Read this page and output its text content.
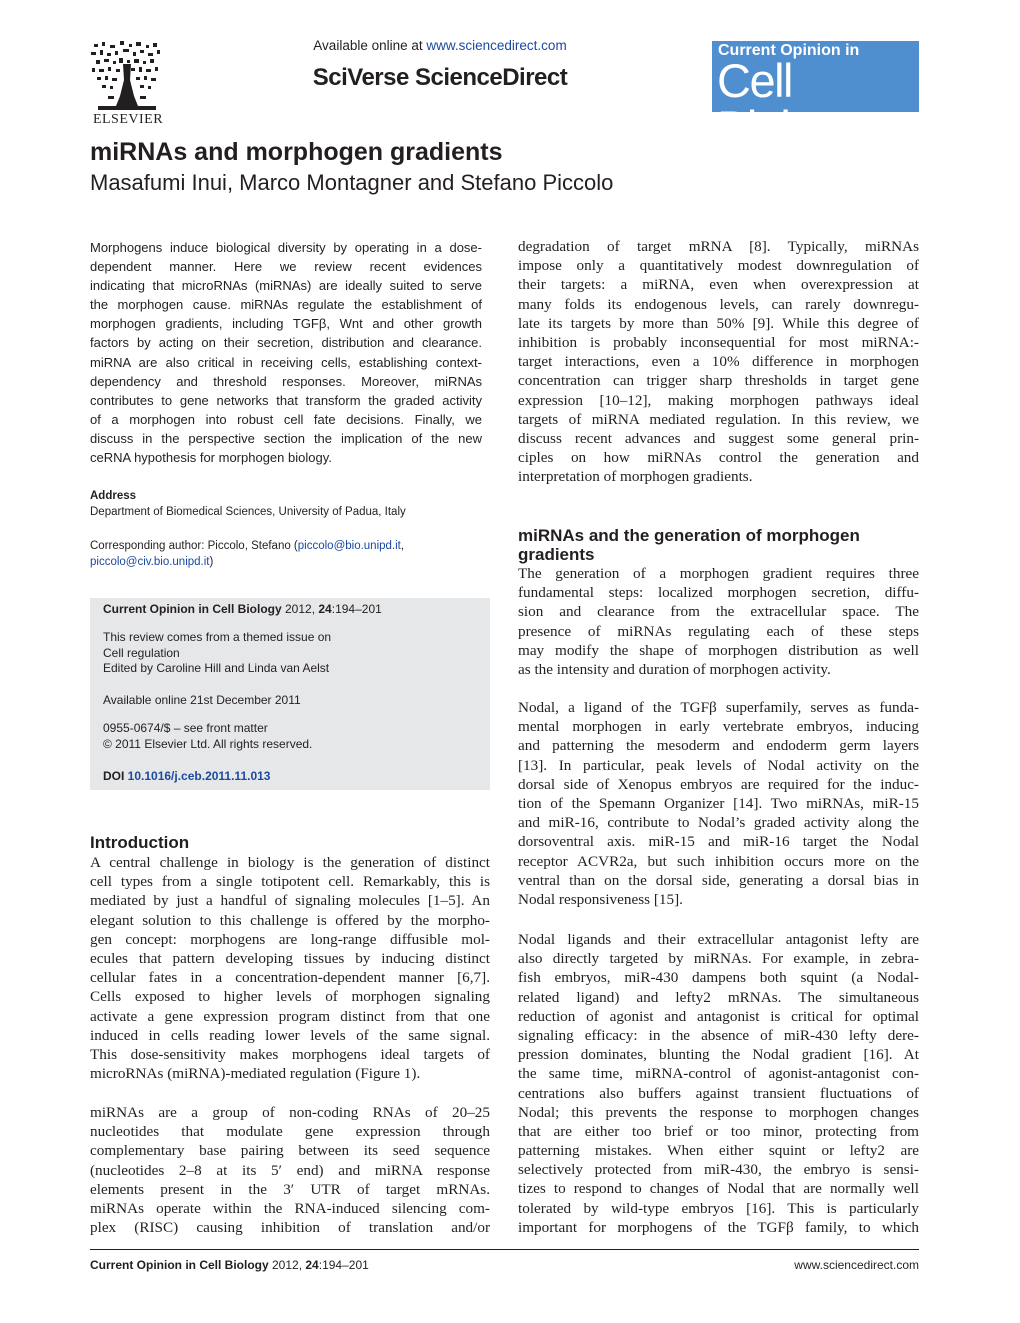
ELSEVIER
Available online at www.sciencedirect.com
SciVerse ScienceDirect
Current Opinion in
Cell Biology
miRNAs and morphogen gradients
Masafumi Inui, Marco Montagner and Stefano Piccolo
Morphogens induce biological diversity by operating in a dose-
dependent manner. Here we review recent evidences
indicating that microRNAs (miRNAs) are ideally suited to serve
the morphogen cause. miRNAs regulate the establishment of
morphogen gradients, including TGFβ, Wnt and other growth
factors by acting on their secretion, distribution and clearance.
miRNA are also critical in receiving cells, establishing context-
dependency and threshold responses. Moreover, miRNAs
contributes to gene networks that transform the graded activity
of a morphogen into robust cell fate decisions. Finally, we
discuss in the perspective section the implication of the new
ceRNA hypothesis for morphogen biology.
Address
Department of Biomedical Sciences, University of Padua, Italy
Corresponding author: Piccolo, Stefano (piccolo@bio.unipd.it,
piccolo@civ.bio.unipd.it)
Current Opinion in Cell Biology 2012, 24:194–201
This review comes from a themed issue on
Cell regulation
Edited by Caroline Hill and Linda van Aelst
Available online 21st December 2011
0955-0674/$ – see front matter
© 2011 Elsevier Ltd. All rights reserved.
DOI 10.1016/j.ceb.2011.11.013
Introduction
A central challenge in biology is the generation of distinct
cell types from a single totipotent cell. Remarkably, this is
mediated by just a handful of signaling molecules [1–5]. An
elegant solution to this challenge is offered by the morpho-
gen concept: morphogens are long-range diffusible mol-
ecules that pattern developing tissues by inducing distinct
cellular fates in a concentration-dependent manner [6,7].
Cells exposed to higher levels of morphogen signaling
activate a gene expression program distinct from that one
induced in cells reading lower levels of the same signal.
This dose-sensitivity makes morphogens ideal targets of
microRNAs (miRNA)-mediated regulation (Figure 1).
miRNAs are a group of non-coding RNAs of 20–25
nucleotides that modulate gene expression through
complementary base pairing between its seed sequence
(nucleotides 2–8 at its 5′ end) and miRNA response
elements present in the 3′ UTR of target mRNAs.
miRNAs operate within the RNA-induced silencing com-
plex (RISC) causing inhibition of translation and/or
degradation of target mRNA [8]. Typically, miRNAs
impose only a quantitatively modest downregulation of
their targets: a miRNA, even when overexpression at
many folds its endogenous levels, can rarely downregu-
late its targets by more than 50% [9]. While this degree of
inhibition is probably inconsequential for most miRNA:-
target interactions, even a 10% difference in morphogen
concentration can trigger sharp thresholds in target gene
expression [10–12], making morphogen pathways ideal
targets of miRNA mediated regulation. In this review, we
discuss recent advances and suggest some general prin-
ciples on how miRNAs control the generation and
interpretation of morphogen gradients.
miRNAs and the generation of morphogen
gradients
The generation of a morphogen gradient requires three
fundamental steps: localized morphogen secretion, diffu-
sion and clearance from the extracellular space. The
presence of miRNAs regulating each of these steps
may modify the shape of morphogen distribution as well
as the intensity and duration of morphogen activity.
Nodal, a ligand of the TGFβ superfamily, serves as funda-
mental morphogen in early vertebrate embryos, inducing
and patterning the mesoderm and endoderm germ layers
[13]. In particular, peak levels of Nodal activity on the
dorsal side of Xenopus embryos are required for the induc-
tion of the Spemann Organizer [14]. Two miRNAs, miR-15
and miR-16, contribute to Nodal’s graded activity along the
dorsoventral axis. miR-15 and miR-16 target the Nodal
receptor ACVR2a, but such inhibition occurs more on the
ventral than on the dorsal side, generating a dorsal bias in
Nodal responsiveness [15].
Nodal ligands and their extracellular antagonist lefty are
also directly targeted by miRNAs. For example, in zebra-
fish embryos, miR-430 dampens both squint (a Nodal-
related ligand) and lefty2 mRNAs. The simultaneous
reduction of agonist and antagonist is critical for optimal
signaling efficacy: in the absence of miR-430 lefty dere-
pression dominates, blunting the Nodal gradient [16]. At
the same time, miRNA-control of agonist-antagonist con-
centrations also buffers against transient fluctuations of
Nodal; this prevents the response to morphogen changes
that are either too brief or too minor, protecting from
patterning mistakes. When either squint or lefty2 are
selectively protected from miR-430, the embryo is sensi-
tizes to respond to changes of Nodal that are normally well
tolerated by wild-type embryos [16]. This is particularly
important for morphogens of the TGFβ family, to which
Current Opinion in Cell Biology 2012, 24:194–201	www.sciencedirect.com
